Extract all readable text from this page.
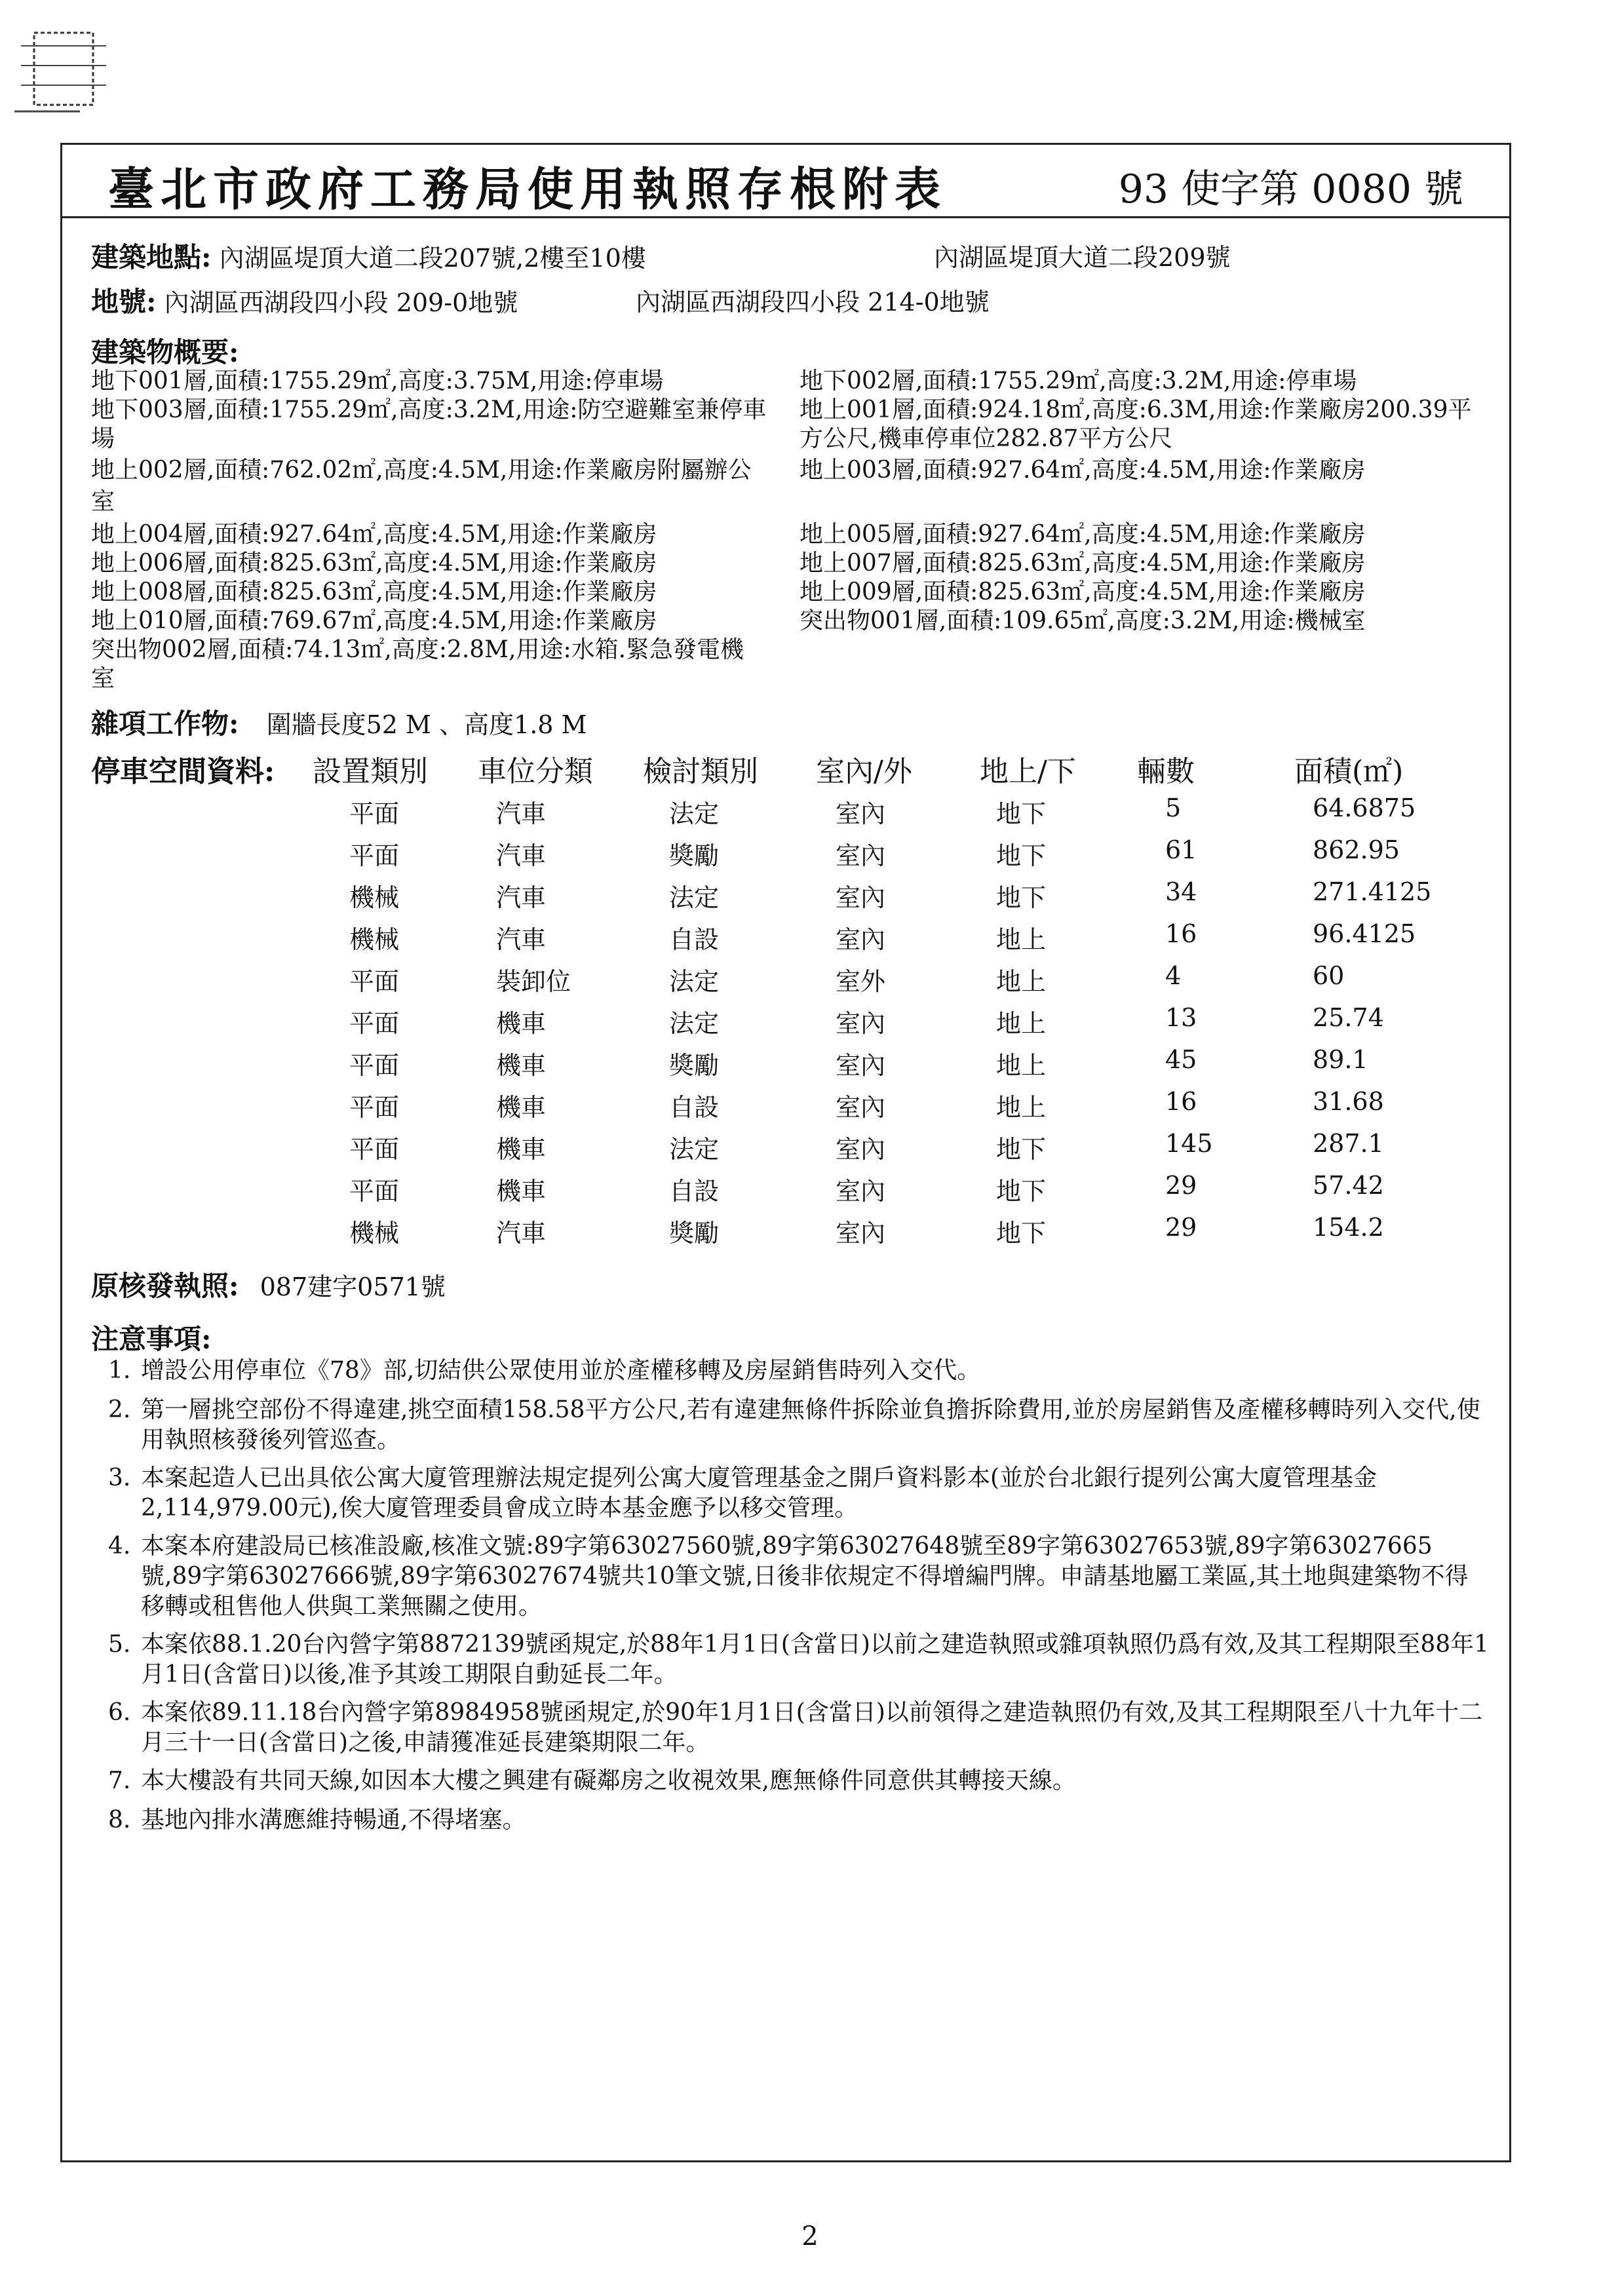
臺北市政府工務局使用執照存根附表	93 使字第 0080 號
建築地點: 內湖區堤頂大道二段207號,2樓至10樓	內湖區堤頂大道二段209號
地號: 內湖區西湖段四小段 209-0地號	內湖區西湖段四小段 214-0地號
建築物概要:
地下001層,面積:1755.29㎡,高度:3.75M,用途:停車場
地下003層,面積:1755.29㎡,高度:3.2M,用途:防空避難室兼停車
場
地上002層,面積:762.02㎡,高度:4.5M,用途:作業廠房附屬辦公
室
地上004層,面積:927.64㎡,高度:4.5M,用途:作業廠房
地上006層,面積:825.63㎡,高度:4.5M,用途:作業廠房
地上008層,面積:825.63㎡,高度:4.5M,用途:作業廠房
地上010層,面積:769.67㎡,高度:4.5M,用途:作業廠房
突出物002層,面積:74.13㎡,高度:2.8M,用途:水箱.緊急發電機
室
地下002層,面積:1755.29㎡,高度:3.2M,用途:停車場
地上001層,面積:924.18㎡,高度:6.3M,用途:作業廠房200.39平
方公尺,機車停車位282.87平方公尺
地上003層,面積:927.64㎡,高度:4.5M,用途:作業廠房
地上005層,面積:927.64㎡,高度:4.5M,用途:作業廠房
地上007層,面積:825.63㎡,高度:4.5M,用途:作業廠房
地上009層,面積:825.63㎡,高度:4.5M,用途:作業廠房
突出物001層,面積:109.65㎡,高度:3.2M,用途:機械室
雜項工作物: 圍牆長度52 M 、高度1.8 M
停車空間資料: 設置類別 車位分類 檢討類別 室內/外 地上/下 輛數	面積(㎡)
平面	汽車	法定	室內	地下	5	64.6875
平面	汽車	獎勵	室內	地下	61	862.95
機械	汽車	法定	室內	地下	34	271.4125
機械	汽車	自設	室內	地上	16	96.4125
平面	裝卸位	法定	室外	地上	4	60
平面	機車	法定	室內	地上	13	25.74
平面	機車	獎勵	室內	地上	45	89.1
平面	機車	自設	室內	地上	16	31.68
平面	機車	法定	室內	地下	145	287.1
平面	機車	自設	室內	地下	29	57.42
機械	汽車	獎勵	室內	地下	29	154.2
原核發執照: 087建字0571號
注意事項:
1. 增設公用停車位《78》部,切結供公眾使用並於產權移轉及房屋銷售時列入交代。
2. 第一層挑空部份不得違建,挑空面積158.58平方公尺,若有違建無條件拆除並負擔拆除費用,並於房屋銷售及產權移轉時列入交代,使用執照核發後列管巡查。
3. 本案起造人已出具依公寓大廈管理辦法規定提列公寓大廈管理基金之開戶資料影本(並於台北銀行提列公寓大廈管理基金2,114,979.00元),俟大廈管理委員會成立時本基金應予以移交管理。
4. 本案本府建設局已核准設廠,核准文號:89字第63027560號,89字第63027648號至89字第63027653號,89字第63027665號,89字第63027666號,89字第63027674號共10筆文號,日後非依規定不得增編門牌。申請基地屬工業區,其土地與建築物不得移轉或租售他人供與工業無關之使用。
5. 本案依88.1.20台內營字第8872139號函規定,於88年1月1日(含當日)以前之建造執照或雜項執照仍爲有效,及其工程期限至88年1月1日(含當日)以後,准予其竣工期限自動延長二年。
6. 本案依89.11.18台內營字第8984958號函規定,於90年1月1日(含當日)以前領得之建造執照仍有效,及其工程期限至八十九年十二月三十一日(含當日)之後,申請獲准延長建築期限二年。
7. 本大樓設有共同天線,如因本大樓之興建有礙鄰房之收視效果,應無條件同意供其轉接天線。
8. 基地內排水溝應維持暢通,不得堵塞。
2
